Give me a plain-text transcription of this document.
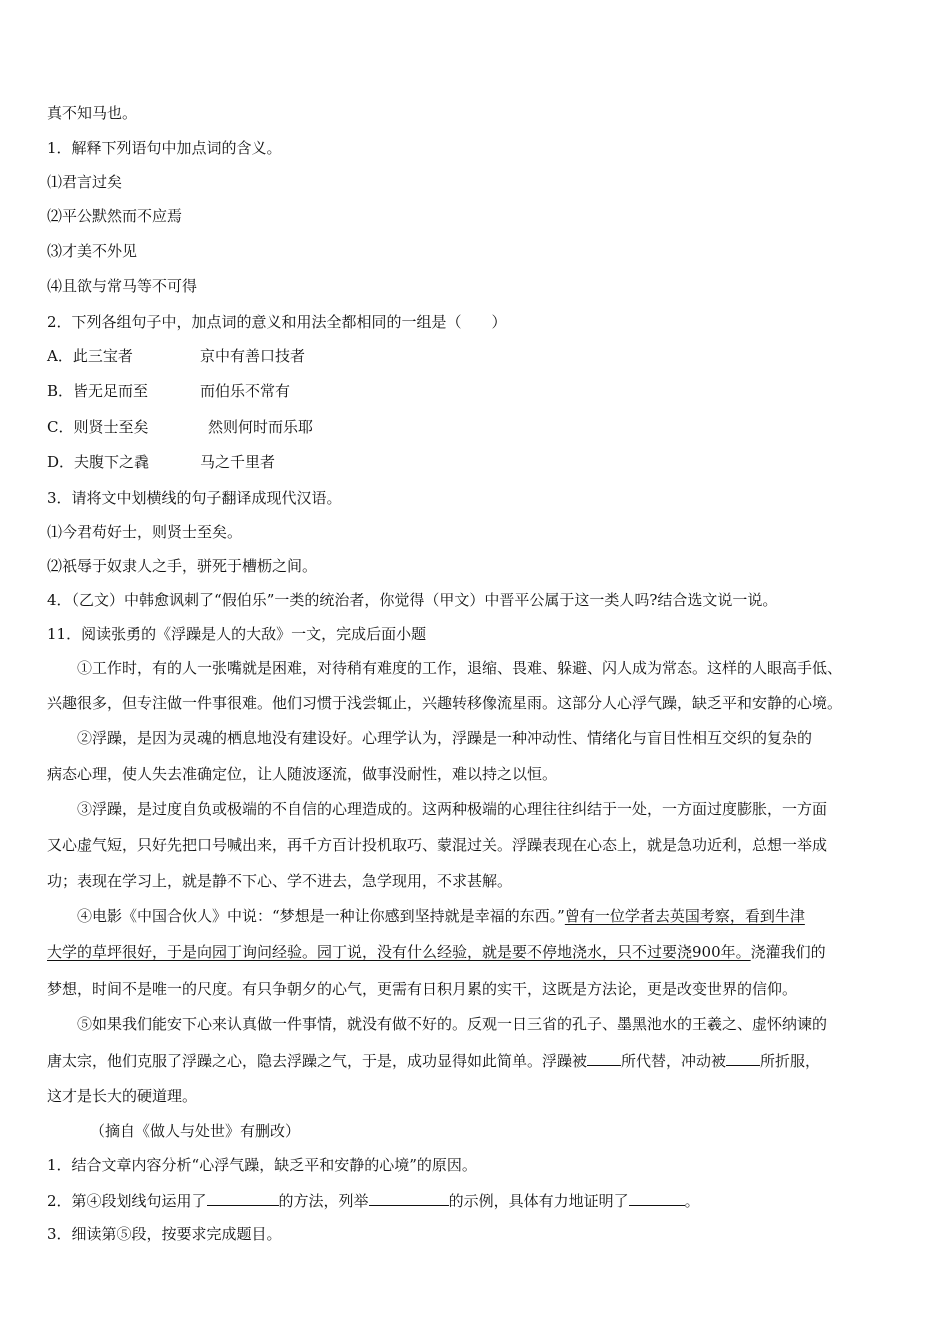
真不知马也。
1．解释下列语句中加点词的含义。
⑴君言过矣
⑵平公默然而不应焉
⑶才美不外见
⑷且欲与常马等不可得
2．下列各组句子中，加点词的意义和用法全都相同的一组是（　　）
A．此三宝者	京中有善口技者
B．皆无足而至	而伯乐不常有
C．则贤士至矣	然则何时而乐耶
D．夫腹下之毳	马之千里者
3．请将文中划横线的句子翻译成现代汉语。
⑴今君苟好士，则贤士至矣。
⑵祇辱于奴隶人之手，骈死于槽枥之间。
4．（乙文）中韩愈讽刺了“假伯乐”一类的统治者，你觉得（甲文）中晋平公属于这一类人吗?结合选文说一说。
11．阅读张勇的《浮躁是人的大敌》一文，完成后面小题
①工作时，有的人一张嘴就是困难，对待稍有难度的工作，退缩、畏难、躲避、闪人成为常态。这样的人眼高手低、
兴趣很多，但专注做一件事很难。他们习惯于浅尝辄止，兴趣转移像流星雨。这部分人心浮气躁，缺乏平和安静的心境。
②浮躁，是因为灵魂的栖息地没有建设好。心理学认为，浮躁是一种冲动性、情绪化与盲目性相互交织的复杂的
病态心理，使人失去准确定位，让人随波逐流，做事没耐性，难以持之以恒。
③浮躁，是过度自负或极端的不自信的心理造成的。这两种极端的心理往往纠结于一处，一方面过度膨胀，一方面
又心虚气短，只好先把口号喊出来，再千方百计投机取巧、蒙混过关。浮躁表现在心态上，就是急功近利，总想一举成
功；表现在学习上，就是静不下心、学不进去，急学现用，不求甚解。
④电影《中国合伙人》中说：“梦想是一种让你感到坚持就是幸福的东西。”曾有一位学者去英国考察，看到牛津
大学的草坪很好，于是向园丁询问经验。园丁说，没有什么经验，就是要不停地浇水，只不过要浇900年。浇灌我们的
梦想，时间不是唯一的尺度。有只争朝夕的心气，更需有日积月累的实干，这既是方法论，更是改变世界的信仰。
⑤如果我们能安下心来认真做一件事情，就没有做不好的。反观一日三省的孔子、墨黑池水的王羲之、虚怀纳谏的
唐太宗，他们克服了浮躁之心，隐去浮躁之气，于是，成功显得如此简单。浮躁被 所代替，冲动被 所折服，
这才是长大的硬道理。
（摘自《做人与处世》有删改）
1．结合文章内容分析“心浮气躁，缺乏平和安静的心境”的原因。
2．第④段划线句运用了	的方法，列举	的示例，具体有力地证明了	。
3．细读第⑤段，按要求完成题目。
